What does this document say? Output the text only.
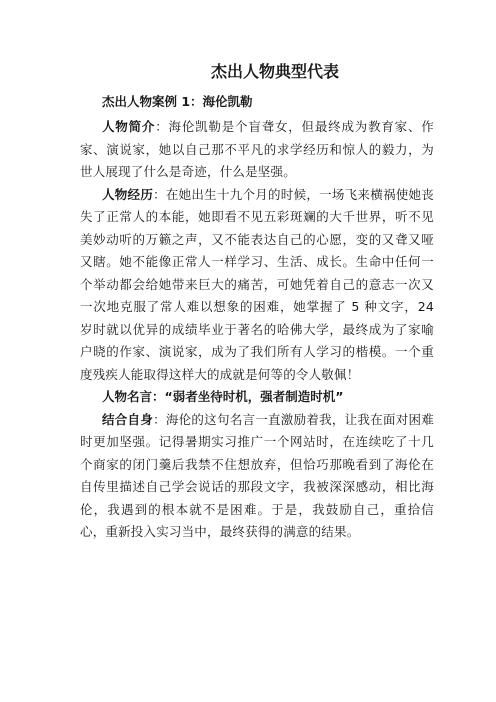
杰出人物典型代表
杰出人物案例 1：海伦凯勒

人物简介：海伦凯勒是个盲聋女，但最终成为教育家、作家、演说家，她以自己那不平凡的求学经历和惊人的毅力，为世人展现了什么是奇迹，什么是坚强。

人物经历：在她出生十九个月的时候，一场飞来横祸使她丧失了正常人的本能，她即看不见五彩斑斓的大千世界，听不见美妙动听的万籁之声，又不能表达自己的心愿，变的又聋又哑又瞎。她不能像正常人一样学习、生活、成长。生命中任何一个举动都会给她带来巨大的痛苦，可她凭着自己的意志一次又一次地克服了常人难以想象的困难，她掌握了 5 种文字，24 岁时就以优异的成绩毕业于著名的哈佛大学，最终成为了家喻户晓的作家、演说家，成为了我们所有人学习的楷模。一个重度残疾人能取得这样大的成就是何等的令人敬佩！

人物名言：“弱者坐待时机，强者制造时机”

结合自身：海伦的这句名言一直激励着我，让我在面对困难时更加坚强。记得暑期实习推广一个网站时，在连续吃了十几个商家的闭门羹后我禁不住想放弃，但恰巧那晚看到了海伦在自传里描述自己学会说话的那段文字，我被深深感动，相比海伦，我遇到的根本就不是困难。于是，我鼓励自己，重拾信心，重新投入实习当中，最终获得的满意的结果。
